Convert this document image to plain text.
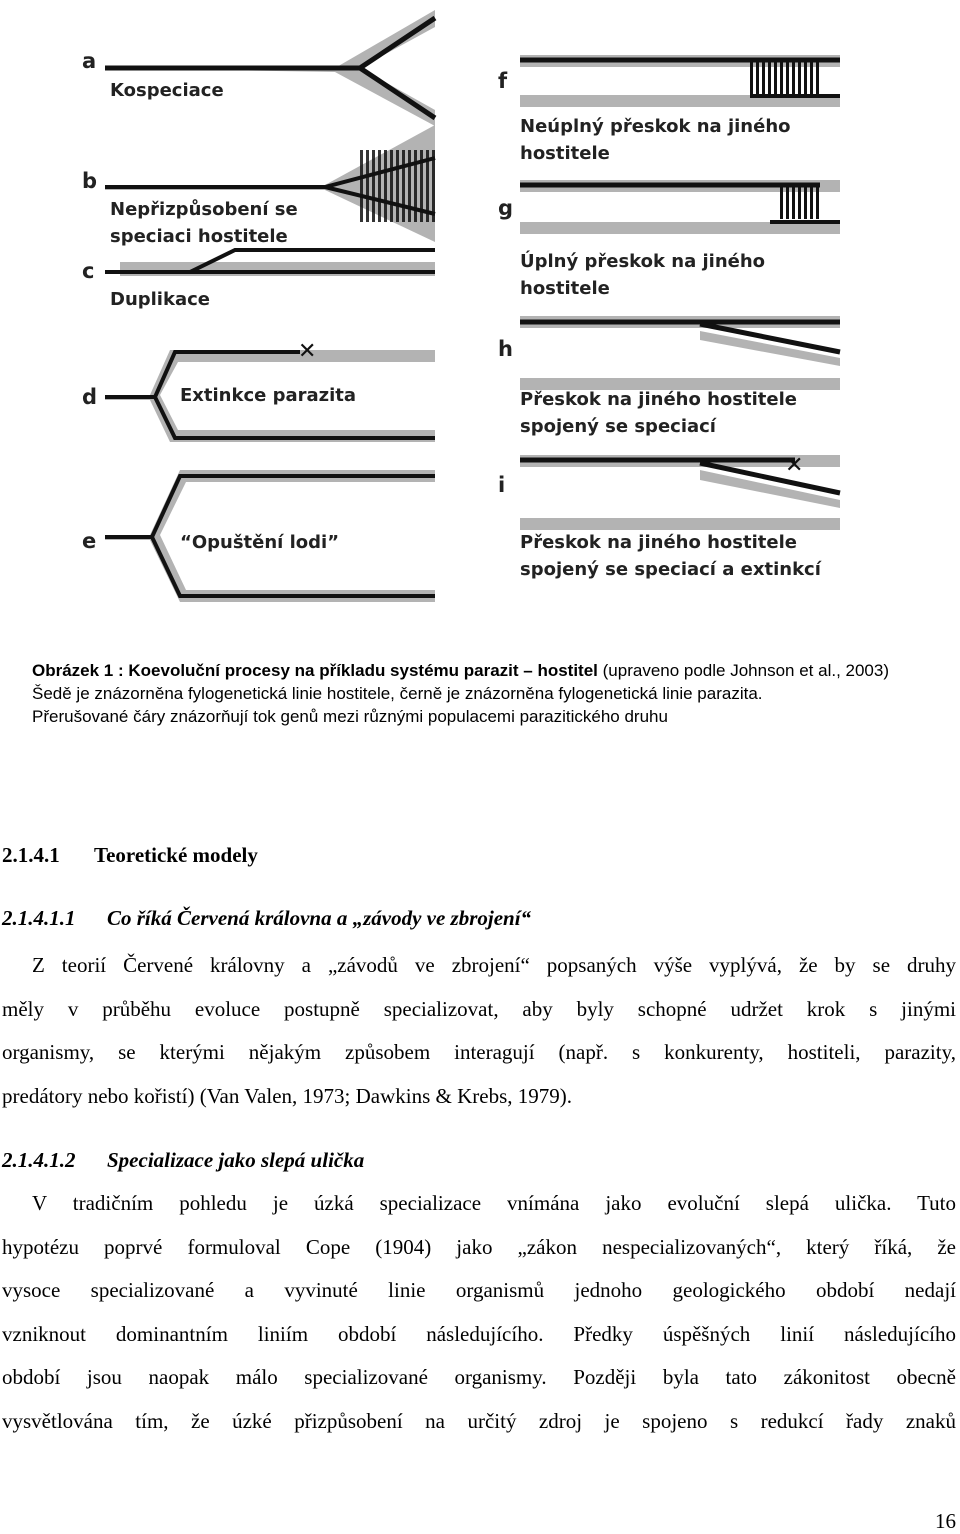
a
Kospeciace
b
Nepřizpůsobení se
speciaci hostitele
c
Duplikace
✕
d	Extinkce parazita
e	“Opuštění lodi”
f
Neúplný přeskok na jiného
hostitele
g
Úplný přeskok na jiného
hostitele
h
Přeskok na jiného hostitele
spojený se speciací
✕
i
Přeskok na jiného hostitele
spojený se speciací a extinkcí
Obrázek 1 : Koevoluční procesy na příkladu systému parazit – hostitel (upraveno podle Johnson et al., 2003)
Šedě je znázorněna fylogenetická linie hostitele, černě je znázorněna fylogenetická linie parazita.
Přerušované čáry znázorňují tok genů mezi různými populacemi parazitického druhu
2.1.4.1 Teoretické modely
2.1.4.1.1 Co říká Červená královna a „závody ve zbrojení“
Z teorií Červené královny a „závodů ve zbrojení“ popsaných výše vyplývá, že by se druhy
měly v průběhu evoluce postupně specializovat, aby byly schopné udržet krok s jinými
organismy, se kterými nějakým způsobem interagují (např. s konkurenty, hostiteli, parazity,
predátory nebo kořistí) (Van Valen, 1973; Dawkins & Krebs, 1979).
2.1.4.1.2 Specializace jako slepá ulička
V tradičním pohledu je úzká specializace vnímána jako evoluční slepá ulička. Tuto
hypotézu poprvé formuloval Cope (1904) jako „zákon nespecializovaných“, který říká, že
vysoce specializované a vyvinuté linie organismů jednoho geologického období nedají
vzniknout dominantním liniím období následujícího. Předky úspěšných linií následujícího
období jsou naopak málo specializované organismy. Později byla tato zákonitost obecně
vysvětlována tím, že úzké přizpůsobení na určitý zdroj je spojeno s redukcí řady znaků
16
